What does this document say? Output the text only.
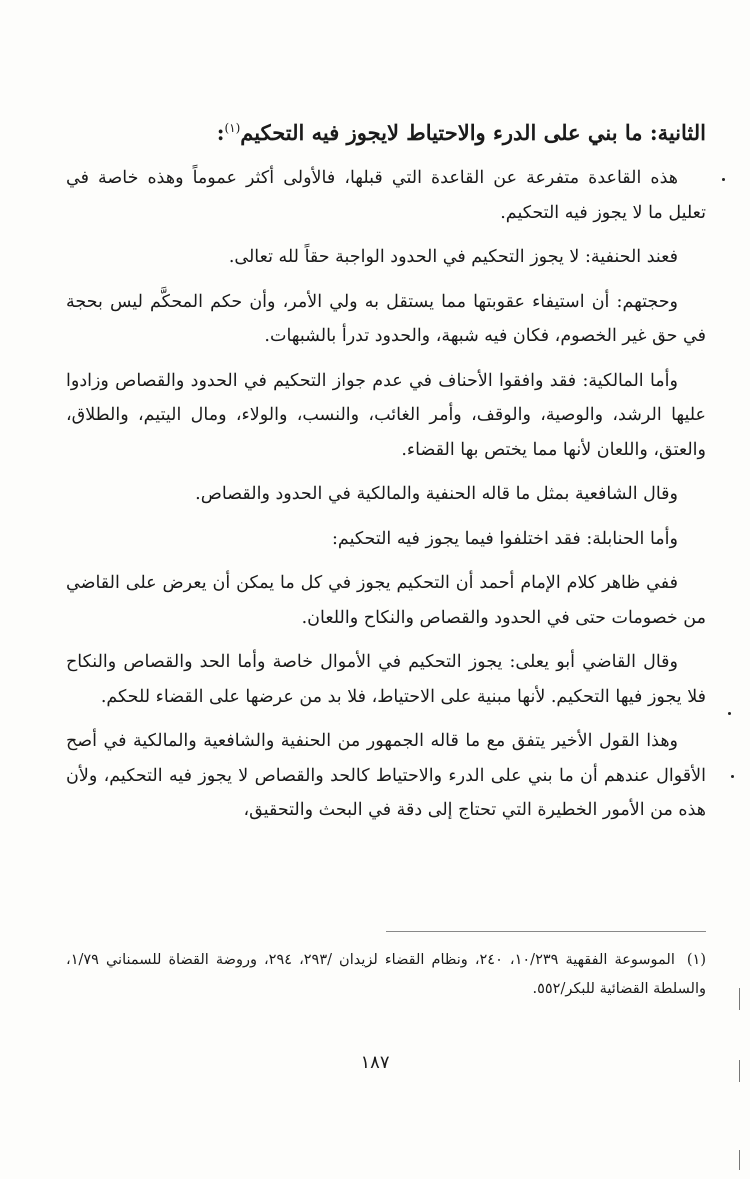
الثانية: ما بني على الدرء والاحتياط لايجوز فيه التحكيم$^{(١)}$:

هذه القاعدة متفرعة عن القاعدة التي قبلها، فالأولى أكثر عموماً وهذه خاصة في تعليل ما لا يجوز فيه التحكيم.

فعند الحنفية: لا يجوز التحكيم في الحدود الواجبة حقاً لله تعالى.

وحجتهم: أن استيفاء عقوبتها مما يستقل به ولي الأمر، وأن حكم المحكَّم ليس بحجة في حق غير الخصوم، فكان فيه شبهة، والحدود تدرأ بالشبهات.

وأما المالكية: فقد وافقوا الأحناف في عدم جواز التحكيم في الحدود والقصاص وزادوا عليها الرشد، والوصية، والوقف، وأمر الغائب، والنسب، والولاء، ومال اليتيم، والطلاق، والعتق، واللعان لأنها مما يختص بها القضاء.

وقال الشافعية بمثل ما قاله الحنفية والمالكية في الحدود والقصاص.

وأما الحنابلة: فقد اختلفوا فيما يجوز فيه التحكيم:

ففي ظاهر كلام الإمام أحمد أن التحكيم يجوز في كل ما يمكن أن يعرض على القاضي من خصومات حتى في الحدود والقصاص والنكاح واللعان.

وقال القاضي أبو يعلى: يجوز التحكيم في الأموال خاصة وأما الحد والقصاص والنكاح فلا يجوز فيها التحكيم. لأنها مبنية على الاحتياط، فلا بد من عرضها على القضاء للحكم.

وهذا القول الأخير يتفق مع ما قاله الجمهور من الحنفية والشافعية والمالكية في أصح الأقوال عندهم أن ما بني على الدرء والاحتياط كالحد والقصاص لا يجوز فيه التحكيم، ولأن هذه من الأمور الخطيرة التي تحتاج إلى دقة في البحث والتحقيق،

(١)الموسوعة الفقهية ١٠/٢٣٩، ٢٤٠، ونظام القضاء لزيدان /٢٩٣، ٢٩٤، وروضة القضاة للسمناني ١/٧٩، والسلطة القضائية للبكر/٥٥٢.
١٨٧
